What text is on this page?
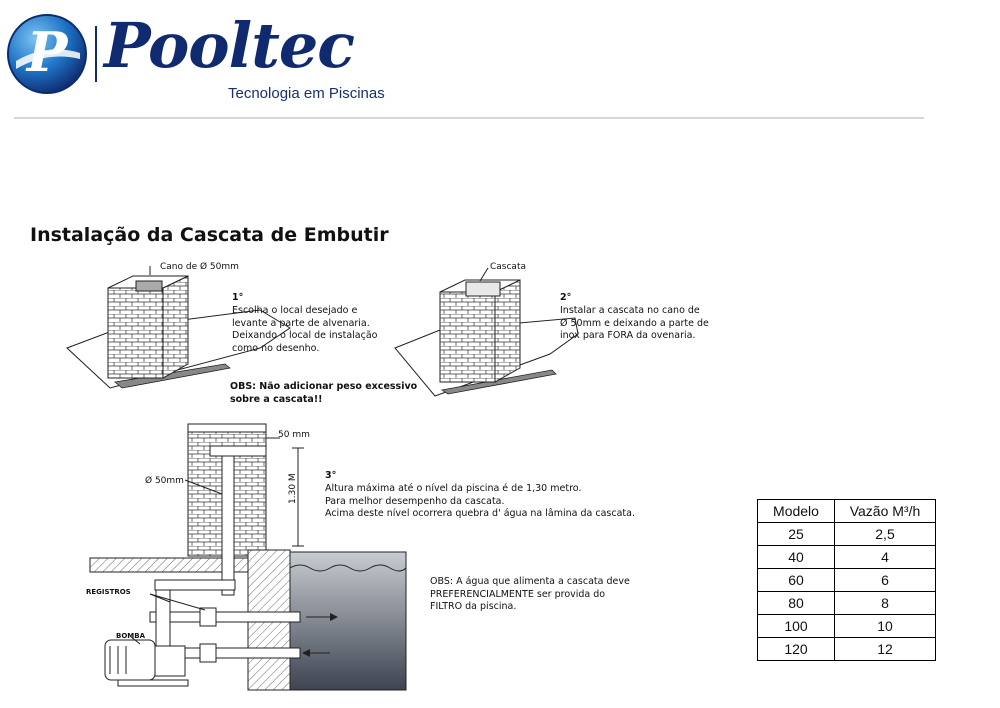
P Pooltec
Tecnologia em Piscinas
Instalação da Cascata de Embutir
Cano de Ø 50mm
1°
Escolha o local desejado e
levante a parte de alvenaria.
Deixando o local de instalação
como no desenho.
OBS: Não adicionar peso excessivo
sobre a cascata!!
Cascata
2°
Instalar a cascata no cano de
Ø 50mm e deixando a parte de
inox para FORA da ovenaria.
50 mm
Ø 50mm	1.30 M	3°
Altura máxima até o nível da piscina é de 1,30 metro.
Para melhor desempenho da cascata.
Acima deste nível ocorrera quebra d' água na lâmina da cascata.
OBS: A água que alimenta a cascata deve
PREFERENCIALMENTE ser provida do
FILTRO da piscina.
REGISTROS
BOMBA
Modelo	Vazão M³/h
25	2,5
40	4
60	6
80	8
100	10
120	12
